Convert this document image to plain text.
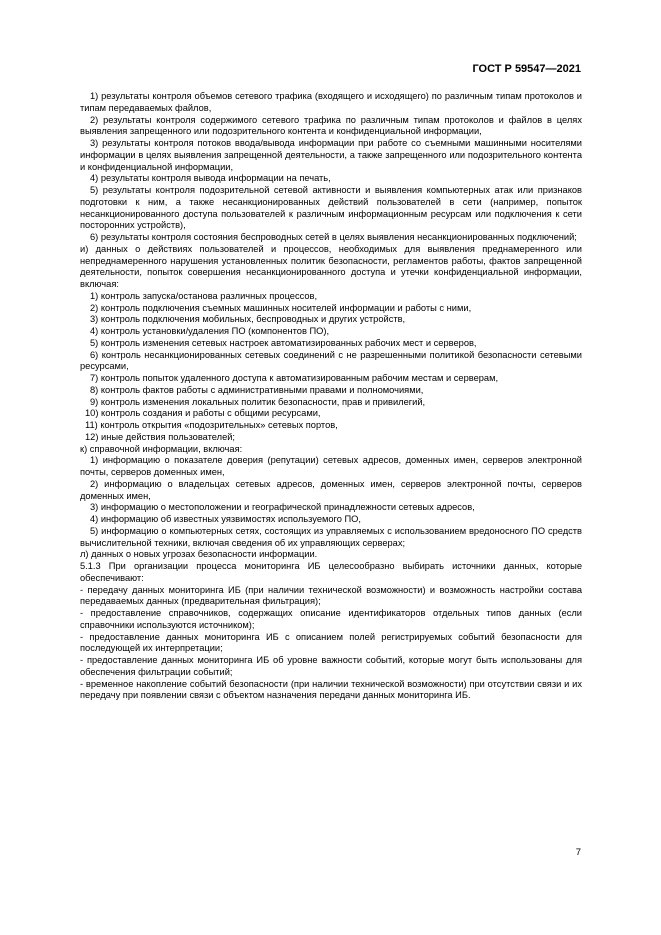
ГОСТ Р 59547—2021

1) результаты контроля объемов сетевого трафика (входящего и исходящего) по различным типам протоколов и типам передаваемых файлов,

2) результаты контроля содержимого сетевого трафика по различным типам протоколов и файлов в целях выявления запрещенного или подозрительного контента и конфиденциальной информации,

3) результаты контроля потоков ввода/вывода информации при работе со съемными машинными носителями информации в целях выявления запрещенной деятельности, а также запрещенного или подозрительного контента и конфиденциальной информации,

4) результаты контроля вывода информации на печать,

5) результаты контроля подозрительной сетевой активности и выявления компьютерных атак или признаков подготовки к ним, а также несанкционированных действий пользователей в сети (например, попыток несанкционированного доступа пользователей к различным информационным ресурсам или подключения к сети посторонних устройств),

6) результаты контроля состояния беспроводных сетей в целях выявления несанкционированных подключений;

и) данных о действиях пользователей и процессов, необходимых для выявления преднамеренного или непреднамеренного нарушения установленных политик безопасности, регламентов работы, фактов запрещенной деятельности, попыток совершения несанкционированного доступа и утечки конфиденциальной информации, включая:

1) контроль запуска/останова различных процессов,

2) контроль подключения съемных машинных носителей информации и работы с ними,

3) контроль подключения мобильных, беспроводных и других устройств,

4) контроль установки/удаления ПО (компонентов ПО),

5) контроль изменения сетевых настроек автоматизированных рабочих мест и серверов,

6) контроль несанкционированных сетевых соединений с не разрешенными политикой безопасности сетевыми ресурсами,

7) контроль попыток удаленного доступа к автоматизированным рабочим местам и серверам,

8) контроль фактов работы с административными правами и полномочиями,

9) контроль изменения локальных политик безопасности, прав и привилегий,

10) контроль создания и работы с общими ресурсами,

11) контроль открытия «подозрительных» сетевых портов,

12) иные действия пользователей;

к) справочной информации, включая:

1) информацию о показателе доверия (репутации) сетевых адресов, доменных имен, серверов электронной почты, серверов доменных имен,

2) информацию о владельцах сетевых адресов, доменных имен, серверов электронной почты, серверов доменных имен,

3) информацию о местоположении и географической принадлежности сетевых адресов,

4) информацию об известных уязвимостях используемого ПО,

5) информацию о компьютерных сетях, состоящих из управляемых с использованием вредоносного ПО средств вычислительной техники, включая сведения об их управляющих серверах;

л) данных о новых угрозах безопасности информации.

5.1.3 При организации процесса мониторинга ИБ целесообразно выбирать источники данных, которые обеспечивают:

- передачу данных мониторинга ИБ (при наличии технической возможности) и возможность настройки состава передаваемых данных (предварительная фильтрация);

- предоставление справочников, содержащих описание идентификаторов отдельных типов данных (если справочники используются источником);

- предоставление данных мониторинга ИБ с описанием полей регистрируемых событий безопасности для последующей их интерпретации;

- предоставление данных мониторинга ИБ об уровне важности событий, которые могут быть использованы для обеспечения фильтрации событий;

- временное накопление событий безопасности (при наличии технической возможности) при отсутствии связи и их передачу при появлении связи с объектом назначения передачи данных мониторинга ИБ.

7
